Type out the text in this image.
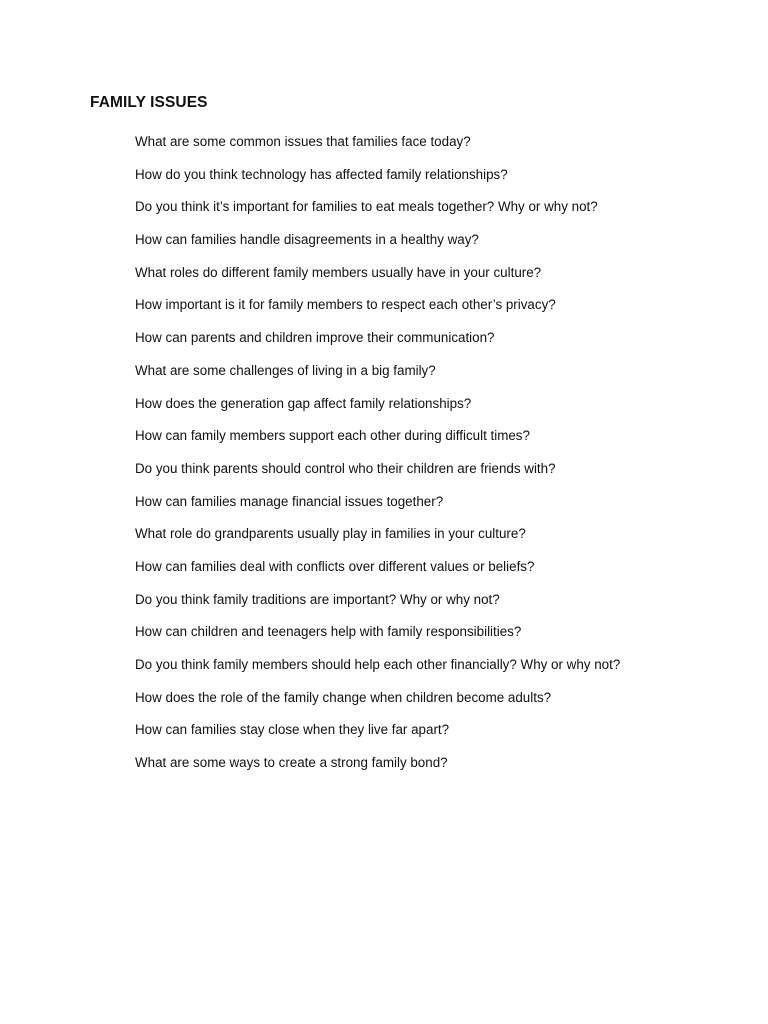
FAMILY ISSUES
What are some common issues that families face today?
How do you think technology has affected family relationships?
Do you think it’s important for families to eat meals together? Why or why not?
How can families handle disagreements in a healthy way?
What roles do different family members usually have in your culture?
How important is it for family members to respect each other’s privacy?
How can parents and children improve their communication?
What are some challenges of living in a big family?
How does the generation gap affect family relationships?
How can family members support each other during difficult times?
Do you think parents should control who their children are friends with?
How can families manage financial issues together?
What role do grandparents usually play in families in your culture?
How can families deal with conflicts over different values or beliefs?
Do you think family traditions are important? Why or why not?
How can children and teenagers help with family responsibilities?
Do you think family members should help each other financially? Why or why not?
How does the role of the family change when children become adults?
How can families stay close when they live far apart?
What are some ways to create a strong family bond?
